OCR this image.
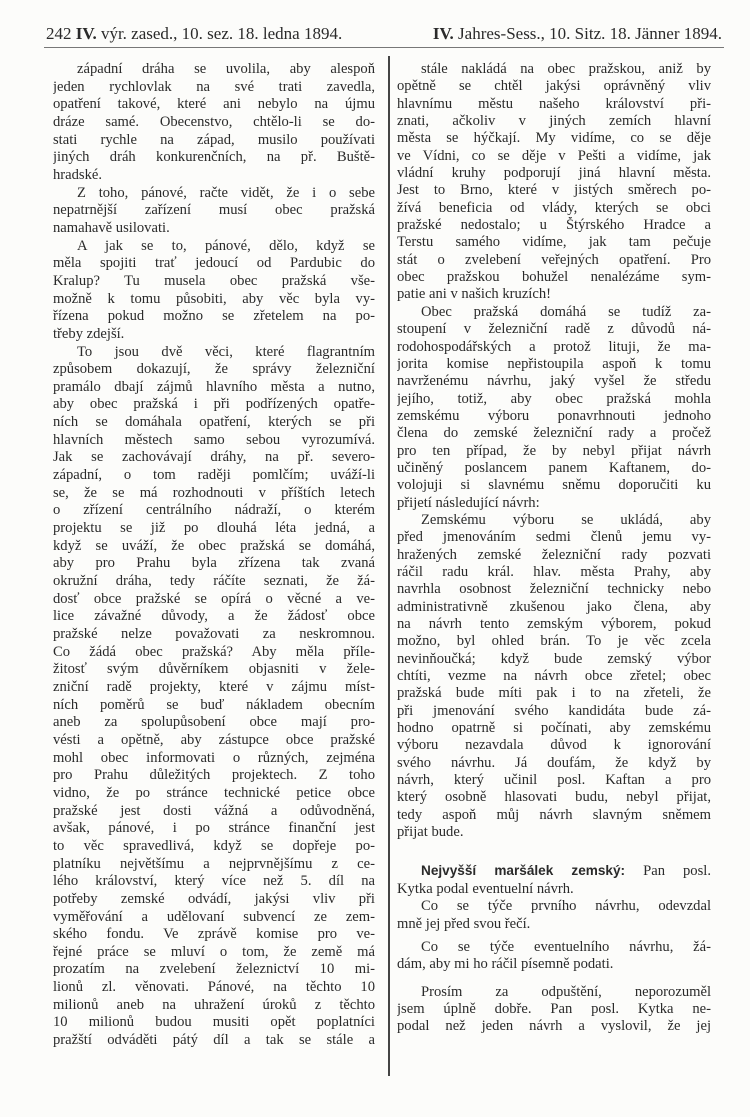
242 IV. výr. zased., 10. sez. 18. ledna 1894.	IV. Jahres-Sess., 10. Sitz. 18. Jänner 1894.
západní dráha se uvolila, aby alespoň
jeden rychlovlak na své trati zavedla,
opatření takové, které ani nebylo na újmu
dráze samé. Obecenstvo, chtělo-li se do-
stati rychle na západ, musilo používati
jiných dráh konkurenčních, na př. Buště-
hradské.
Z toho, pánové, račte vidět, že i o sebe
nepatrnější zařízení musí obec pražská
namahavě usilovati.
A jak se to, pánové, dělo, když se
měla spojiti trať jedoucí od Pardubic do
Kralup? Tu musela obec pražská vše-
možně k tomu působiti, aby věc byla vy-
řízena pokud možno se zřetelem na po-
třeby zdejší.
To jsou dvě věci, které flagrantním
způsobem dokazují, že správy železniční
pramálo dbají zájmů hlavního města a nutno,
aby obec pražská i při podřízených opatře-
ních se domáhala opatření, kterých se při
hlavních městech samo sebou vyrozumívá.
Jak se zachovávají dráhy, na př. severo-
západní, o tom raději pomlčím; uváží-li
se, že se má rozhodnouti v příštích letech
o zřízení centrálního nádraží, o kterém
projektu se již po dlouhá léta jedná, a
když se uváží, že obec pražská se domáhá,
aby pro Prahu byla zřízena tak zvaná
okružní dráha, tedy ráčíte seznati, že žá-
dosť obce pražské se opírá o věcné a ve-
lice závažné důvody, a že žádosť obce
pražské nelze považovati za neskromnou.
Co žádá obec pražská? Aby měla příle-
žitosť svým důvěrníkem objasniti v žele-
zniční radě projekty, které v zájmu míst-
ních poměrů se buď nákladem obecním
aneb za spolupůsobení obce mají pro-
vésti a opětně, aby zástupce obce pražské
mohl obec informovati o různých, zejména
pro Prahu důležitých projektech. Z toho
vidno, že po stránce technické petice obce
pražské jest dosti vážná a odůvodněná,
avšak, pánové, i po stránce finanční jest
to věc spravedlivá, když se dopřeje po-
platníku největšímu a nejprvnějšímu z ce-
lého království, který více než 5. díl na
potřeby zemské odvádí, jakýsi vliv při
vyměřování a udělovaní subvencí ze zem-
ského fondu. Ve zprávě komise pro ve-
řejné práce se mluví o tom, že země má
prozatím na zvelebení železnictví 10 mi-
lionů zl. věnovati. Pánové, na těchto 10
milionů aneb na uhražení úroků z těchto
10 milionů budou musiti opět poplatníci
pražští odváděti pátý díl a tak se stále a
stále nakládá na obec pražskou, aniž by
opětně se chtěl jakýsi oprávněný vliv
hlavnímu městu našeho království při-
znati, ačkoliv v jiných zemích hlavní
města se hýčkají. My vidíme, co se děje
ve Vídni, co se děje v Pešti a vidíme, jak
vládní kruhy podporují jiná hlavní města.
Jest to Brno, které v jistých směrech po-
žívá beneficia od vlády, kterých se obci
pražské nedostalo; u Štýrského Hradce a
Terstu samého vidíme, jak tam pečuje
stát o zvelebení veřejných opatření. Pro
obec pražskou bohužel nenalézáme sym-
patie ani v našich kruzích!
Obec pražská domáhá se tudíž za-
stoupení v železniční radě z důvodů ná-
rodohospodářských a protož lituji, že ma-
jorita komise nepřistoupila aspoň k tomu
navrženému návrhu, jaký vyšel že středu
jejího, totiž, aby obec pražská mohla
zemskému výboru ponavrhnouti jednoho
člena do zemské železniční rady a pročež
pro ten případ, že by nebyl přijat návrh
učiněný poslancem panem Kaftanem, do-
volojuji si slavnému sněmu doporučiti ku
přijetí následující návrh:
Zemskému výboru se ukládá, aby
před jmenováním sedmi členů jemu vy-
hražených zemské železniční rady pozvati
ráčil radu král. hlav. města Prahy, aby
navrhla osobnost železniční technicky nebo
administrativně zkušenou jako člena, aby
na návrh tento zemským výborem, pokud
možno, byl ohled brán. To je věc zcela
nevinňoučká; když bude zemský výbor
chtíti, vezme na návrh obce zřetel; obec
pražská bude míti pak i to na zřeteli, že
při jmenování svého kandidáta bude zá-
hodno opatrně si počínati, aby zemskému
výboru nezavdala důvod k ignorování
svého návrhu. Já doufám, že když by
návrh, který učinil posl. Kaftan a pro
který osobně hlasovati budu, nebyl přijat,
tedy aspoň můj návrh slavným sněmem
přijat bude.
Nejvyšší maršálek zemský: Pan posl.
Kytka podal eventuelní návrh.
Co se týče prvního návrhu, odevzdal
mně jej před svou řečí.
Co se týče eventuelního návrhu, žá-
dám, aby mi ho ráčil písemně podati.
Prosím za odpuštění, neporozuměl
jsem úplně dobře. Pan posl. Kytka ne-
podal než jeden návrh a vyslovil, že jej
